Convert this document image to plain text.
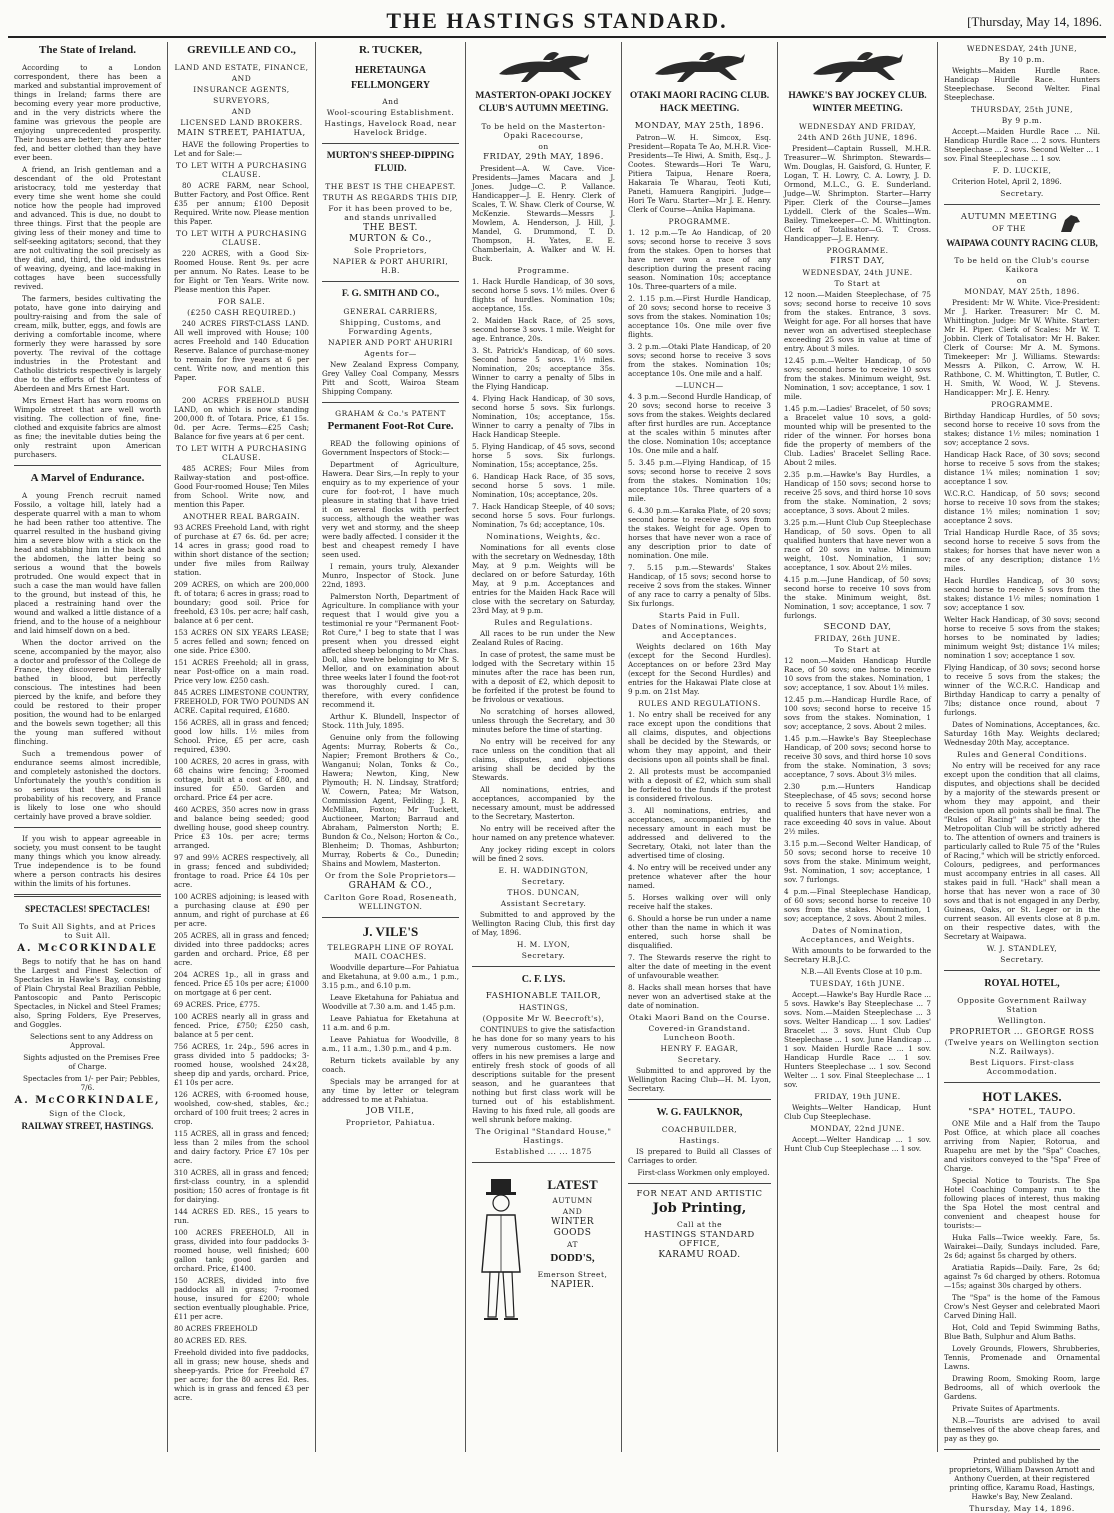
THE HASTINGS STANDARD.	[Thursday, May 14, 1896.
The State of Ireland.

According to a London correspondent, there has been a marked and substantial improvement of things in Ireland; farms there are becoming every year more productive, and in the very districts where the famine was grievous the people are enjoying unprecedented prosperity. Their houses are better; they are better fed, and better clothed than they have ever been.

A friend, an Irish gentleman and a descendant of the old Protestant aristocracy, told me yesterday that every time she went home she could notice how the people had improved and advanced. This is due, no doubt to three things. First that the people are giving less of their money and time to self-seeking agitators; second, that they are not cultivating the soil precisely as they did, and, third, the old industries of weaving, dyeing, and lace-making in cottages have been successfully revived.

The farmers, besides cultivating the potato, have gone into dairying and poultry-raising and from the sale of cream, milk, butter, eggs, and fowls are deriving a comfortable income, where formerly they were harassed by sore poverty. The revival of the cottage industries in the Protestant and Catholic districts respectively is largely due to the efforts of the Countess of Aberdeen and Mrs Ernest Hart.

Mrs Ernest Hart has worn rooms on Wimpole street that are well worth visiting. The collection of fine, fine-clothed and exquisite fabrics are almost as fine; the inevitable duties being the only restraint upon American purchasers.

A Marvel of Endurance.

A young French recruit named Fossilo, a voltage hill, lately had a desperate quarrel with a man to whom he had been rather too attentive. The quarrel resulted in the husband giving him a severe blow with a stick on the head and stabbing him in the back and the abdomen, the latter being so serious a wound that the bowels protruded. One would expect that in such a case the man would have fallen to the ground, but instead of this, he placed a restraining hand over the wound and walked a little distance of a friend, and to the house of a neighbour and laid himself down on a bed.

When the doctor arrived on the scene, accompanied by the mayor, also a doctor and professor of the College de France, they discovered him literally bathed in blood, but perfectly conscious. The intestines had been pierced by the knife, and before they could be restored to their proper position, the wound had to be enlarged and the bowels sewn together; all this the young man suffered without flinching.

Such a tremendous power of endurance seems almost incredible, and completely astonished the doctors. Unfortunately the youth's condition is so serious that there is small probability of his recovery, and France is likely to lose one who should certainly have proved a brave soldier.

If you wish to appear agreeable in society, you must consent to be taught many things which you know already. True independence is to be found where a person contracts his desires within the limits of his fortunes.

SPECTACLES! SPECTACLES!
To Suit All Sights, and at Prices to Suit All.
A. McCORKINDALE

Begs to notify that he has on hand the Largest and Finest Selection of Spectacles in Hawke's Bay, consisting of Plain Chrystal Real Brazilian Pebble, Pantoscopic and Panto Periscopic Spectacles, in Nickel and Steel Frames; also, Spring Folders, Eye Preserves, and Goggles.

Selections sent to any Address on Approval.

Sights adjusted on the Premises Free of Charge.

Spectacles from 1/- per Pair; Pebbles, 7/6.

A. McCORKINDALE,
Sign of the Clock,
RAILWAY STREET, HASTINGS.
GREVILLE AND CO.,
LAND AND ESTATE, FINANCE,
AND
INSURANCE AGENTS,
SURVEYORS,
AND
LICENSED LAND BROKERS.
MAIN STREET, PAHIATUA,

HAVE the following Properties to Let and for Sale:—

TO LET WITH A PURCHASING CLAUSE.

80 ACRE FARM, near School, Butter Factory, and Post Office. Rent £35 per annum; £100 Deposit Required. Write now. Please mention this Paper.

TO LET WITH A PURCHASING CLAUSE.

220 ACRES, with a Good Six-Roomed House. Rent 9s. per acre per annum. No Rates. Lease to be for Eight or Ten Years. Write now. Please mention this Paper.

FOR SALE.
(£250 CASH REQUIRED.)

240 ACRES FIRST-CLASS LAND. All well improved with House; 100 acres Freehold and 140 Education Reserve. Balance of purchase-money to remain for five years at 6 per cent. Write now, and mention this Paper.

FOR SALE.

200 ACRES FREEHOLD BUSH LAND, on which is now standing 200,000 ft. of Totara. Price, £1 15s. 0d. per Acre. Terms—£25 Cash; Balance for five years at 6 per cent.

TO LET WITH A PURCHASING CLAUSE.

485 ACRES; Four Miles from Railway-station and post-office. Good Four-roomed House; Ten Miles from School. Write now, and mention this Paper.

ANOTHER REAL BARGAIN.

93 ACRES Freehold Land, with right of purchase at £7 6s. 6d. per acre; 14 acres in grass; good road to within short distance of the section; under five miles from Railway station.

209 ACRES, on which are 200,000 ft. of totara; 6 acres in grass; road to boundary; good soil. Price for freehold, £3 10s. per acre; half cash, balance at 6 per cent.

153 ACRES ON SIX YEARS LEASE; 5 acres felled and sown; fenced on one side. Price £300.

151 ACRES Freehold; all in grass, near Post-office on a main road. Price very low. £250 cash.

845 ACRES LIMESTONE COUNTRY, FREEHOLD, FOR TWO POUNDS AN ACRE. Capital required, £1680.

156 ACRES, all in grass and fenced; good low hills. 1½ miles from School. Price, £5 per acre, cash required, £390.

100 ACRES, 20 acres in grass, with 68 chains wire fencing; 3-roomed cottage, built at a cost of £80, and insured for £50. Garden and orchard. Price £4 per acre.

460 ACRES, 350 acres now in grass and balance being seeded; good dwelling house, good sheep country. Price £3 10s. per acre; terms arranged.

97 and 99½ ACRES respectively, all in grass; fenced and subdivided; frontage to road. Price £4 10s per acre.

100 ACRES adjoining; is leased with a purchasing clause at £90 per annum, and right of purchase at £6 per acre.

205 ACRES, all in grass and fenced; divided into three paddocks; acres garden and orchard. Price, £8 per acre.

204 ACRES 1p., all in grass and fenced. Price £5 10s per acre; £1000 on mortgage at 6 per cent.

69 ACRES. Price, £775.

100 ACRES nearly all in grass and fenced. Price, £750; £250 cash, balance at 5 per cent.

756 ACRES, 1r. 24p., 596 acres in grass divided into 5 paddocks; 3-roomed house, woolshed 24×28, sheep dip and yards, orchard. Price, £1 10s per acre.

126 ACRES, with 6-roomed house, woolshed, cow-shed, stables, &c.; orchard of 100 fruit trees; 2 acres in crop.

115 ACRES, all in grass and fenced; less than 2 miles from the school and dairy factory. Price £7 10s per acre.

310 ACRES, all in grass and fenced; first-class country, in a splendid position; 150 acres of frontage is fit for dairying.

144 ACRES ED. RES., 15 years to run.

100 ACRES FREEHOLD, All in grass, divided into four paddocks 3-roomed house, well finished; 600 gallon tank; good garden and orchard. Price, £1400.

150 ACRES, divided into five paddocks all in grass; 7-roomed house, insured for £200; whole section eventually ploughable. Price, £11 per acre.

80 ACRES FREEHOLD

80 ACRES ED. RES.

Freehold divided into five paddocks, all in grass; new house, sheds and sheep-yards. Price for Freehold £7 per acre; for the 80 acres Ed. Res. which is in grass and fenced £3 per acre.

R. TUCKER,
HERETAUNGA FELLMONGERY
And
Wool-scouring Establishment.
Hastings, Havelock Road, near Havelock Bridge.
MURTON'S SHEEP-DIPPING FLUID.
THE BEST IS THE CHEAPEST.
TRUTH AS REGARDS THIS DIP,
For it has been proved to be, and stands unrivalled
THE BEST.
MURTON & Co.,
Sole Proprietors,
NAPIER & PORT AHURIRI, H.B.
F. G. SMITH AND CO.,
GENERAL CARRIERS,
Shipping, Customs, and Forwarding Agents,
NAPIER AND PORT AHURIRI
Agents for—

New Zealand Express Company, Grey Valley Coal Company, Messrs Pitt and Scott, Wairoa Steam Shipping Company.

GRAHAM & Co.'s PATENT
Permanent Foot-Rot Cure.

READ the following opinions of Government Inspectors of Stock:—

Department of Agriculture, Hawera. Dear Sirs,—In reply to your enquiry as to my experience of your cure for foot-rot, I have much pleasure in stating that I have tried it on several flocks with perfect success, although the weather was very wet and stormy, and the sheep were badly affected. I consider it the best and cheapest remedy I have seen used.

I remain, yours truly, Alexander Munro, Inspector of Stock. June 22nd, 1893.

Palmerston North, Department of Agriculture. In compliance with your request that I would give you a testimonial re your "Permanent Foot-Rot Cure," I beg to state that I was present when you dressed eight affected sheep belonging to Mr Chas. Doll, also twelve belonging to Mr S. Mellor, and on examination about three weeks later I found the foot-rot was thoroughly cured. I can, therefore, with every confidence recommend it.

Arthur K. Blundell, Inspector of Stock. 11th July, 1895.

Genuine only from the following Agents: Murray, Roberts & Co., Napier; Fremont Brothers & Co., Wanganui; Nolan, Tonks & Co., Hawera; Newton, King, New Plymouth; H. N. Lindsay, Stratford; W. Cowern, Patea; Mr Watson, Commission Agent, Feilding; J. R. McMillan, Foxton; Mr Tuckett, Auctioneer, Marton; Barraud and Abraham, Palmerston North; E. Bundon & Co., Nelson; Horton & Co., Blenheim; D. Thomas, Ashburton; Murray, Roberts & Co., Dunedin; Shains and Mowlem, Masterton.

Or from the Sole Proprietors—
GRAHAM & CO.,
Carlton Gore Road, Roseneath, WELLINGTON.
J. VILE'S
TELEGRAPH LINE OF ROYAL MAIL COACHES.

Woodville departure—For Pahiatua and Eketahuna, at 9.00 a.m., 1 p.m., 3.15 p.m., and 6.10 p.m.

Leave Eketahuna for Pahiatua and Woodville at 7.30 a.m. and 1.45 p.m.

Leave Pahiatua for Eketahuna at 11 a.m. and 6 p.m.

Leave Pahiatua for Woodville, 8 a.m., 11 a.m., 1.30 p.m., and 4 p.m.

Return tickets available by any coach.

Specials may be arranged for at any time by letter or telegram addressed to me at Pahiatua.

JOB VILE,
Proprietor, Pahiatua.
MASTERTON-OPAKI JOCKEY CLUB'S AUTUMN MEETING.
To be held on the Masterton-Opaki Racecourse,
on
FRIDAY, 29th MAY, 1896.

President—A. W. Cave. Vice-Presidents—James Macara and J. Jones. Judge—C. P. Vallance. Handicapper—J. E. Henry. Clerk of Scales, T. W. Shaw. Clerk of Course, W. McKenzie. Stewards—Messrs J. Mowlem, A. Henderson, J. Hill, J. Mandel, G. Drummond, T. D. Thompson, H. Yates, E. E. Chamberlain, A. Walker and W. H. Buck.

Programme.

1. Hack Hurdle Handicap, of 30 sovs, second horse 5 sovs. 1½ miles. Over 6 flights of hurdles. Nomination 10s; acceptance, 15s.

2. Maiden Hack Race, of 25 sovs, second horse 3 sovs. 1 mile. Weight for age. Entrance, 20s.

3. St. Patrick's Handicap, of 60 sovs. Second horse 5 sovs. 1½ miles. Nomination, 20s; acceptance 35s. Winner to carry a penalty of 5lbs in the Flying Handicap.

4. Flying Hack Handicap, of 30 sovs, second horse 5 sovs. Six furlongs. Nomination, 10s; acceptance, 15s. Winner to carry a penalty of 7lbs in Hack Handicap Steeple.

5. Flying Handicap, of 45 sovs, second horse 5 sovs. Six furlongs. Nomination, 15s; acceptance, 25s.

6. Handicap Hack Race, of 35 sovs, second horse 5 sovs. 1 mile. Nomination, 10s; acceptance, 20s.

7. Hack Handicap Steeple, of 40 sovs; second horse 5 sovs. Four furlongs. Nomination, 7s 6d; acceptance, 10s.

Nominations, Weights, &c.

Nominations for all events close with the secretary on Wednesday, 18th May, at 9 p.m. Weights will be declared on or before Saturday, 16th May, at 9 p.m. Acceptances and entries for the Maiden Hack Race will close with the secretary on Saturday, 23rd May, at 9 p.m.

Rules and Regulations.

All races to be run under the New Zealand Rules of Racing.

In case of protest, the same must be lodged with the Secretary within 15 minutes after the race has been run, with a deposit of £2, which deposit to be forfeited if the protest be found to be frivolous or vexatious.

No scratching of horses allowed, unless through the Secretary, and 30 minutes before the time of starting.

No entry will be received for any race unless on the condition that all claims, disputes, and objections arising shall be decided by the Stewards.

All nominations, entries, and acceptances, accompanied by the necessary amount, must be addressed to the Secretary, Masterton.

No entry will be received after the hour named on any pretence whatever.

Any jockey riding except in colors will be fined 2 sovs.

E. H. WADDINGTON,
Secretary.
THOS. DUNCAN,
Assistant Secretary.

Submitted to and approved by the Wellington Racing Club, this first day of May, 1896.

H. M. LYON,
Secretary.
C. F. LYS.
FASHIONABLE TAILOR,
HASTINGS,
(Opposite Mr W. Beecroft's),

CONTINUES to give the satisfaction he has done for so many years to his very numerous customers. He now offers in his new premises a large and entirely fresh stock of goods of all descriptions suitable for the present season, and he guarantees that nothing but first class work will be turned out of his establishment. Having to his fixed rule, all goods are well shrunk before making.

The Original "Standard House," Hastings.
Established ... ... 1875
LATEST
AUTUMN
AND
WINTER
GOODS
AT
DODD'S,
Emerson Street,
NAPIER.
OTAKI MAORI RACING CLUB. HACK MEETING.
MONDAY, MAY 25th, 1896.

Patron—W. H. Simcox, Esq. President—Ropata Te Ao, M.H.R. Vice-Presidents—Te Hiwi, A. Smith, Esq., J. Cootes. Stewards—Hori Te Waru, Pitiera Taipua, Henare Roera, Hakaraia Te Wharau, Teoti Kuti, Paneti, Hamuera Rangipiri. Judge—Hori Te Waru. Starter—Mr J. E. Henry. Clerk of Course—Anika Hapimana.

PROGRAMME.

1. 12 p.m.—Te Ao Handicap, of 20 sovs; second horse to receive 3 sovs from the stakes. Open to horses that have never won a race of any description during the present racing season. Nomination 10s; acceptance 10s. Three-quarters of a mile.

2. 1.15 p.m.—First Hurdle Handicap, of 20 sovs; second horse to receive 3 sovs from the stakes. Nomination 10s; acceptance 10s. One mile over five flights.

3. 2 p.m.—Otaki Plate Handicap, of 20 sovs; second horse to receive 3 sovs from the stakes. Nomination 10s; acceptance 10s. One mile and a half.

—LUNCH—

4. 3 p.m.—Second Hurdle Handicap, of 20 sovs; second horse to receive 3 sovs from the stakes. Weights declared after first hurdles are run. Acceptance at the scales within 5 minutes after the close. Nomination 10s; acceptance 10s. One mile and a half.

5. 3.45 p.m.—Flying Handicap, of 15 sovs; second horse to receive 2 sovs from the stakes. Nomination 10s; acceptance 10s. Three quarters of a mile.

6. 4.30 p.m.—Karaka Plate, of 20 sovs; second horse to receive 3 sovs from the stakes. Weight for age. Open to horses that have never won a race of any description prior to date of nomination. One mile.

7. 5.15 p.m.—Stewards' Stakes Handicap, of 15 sovs; second horse to receive 2 sovs from the stakes. Winner of any race to carry a penalty of 5lbs. Six furlongs.

Starts Paid in Full.
Dates of Nominations, Weights, and Acceptances.

Weights declared on 16th May (except for the Second Hurdles). Acceptances on or before 23rd May (except for the Second Hurdles) and entries for the Hakawai Plate close at 9 p.m. on 21st May.

RULES AND REGULATIONS.

1. No entry shall be received for any race except upon the conditions that all claims, disputes, and objections shall be decided by the Stewards, or whom they may appoint, and their decisions upon all points shall be final.

2. All protests must be accompanied with a deposit of £2, which sum shall be forfeited to the funds if the protest is considered frivolous.

3. All nominations, entries, and acceptances, accompanied by the necessary amount in each must be addressed and delivered to the Secretary, Otaki, not later than the advertised time of closing.

4. No entry will be received under any pretence whatever after the hour named.

5. Horses walking over will only receive half the stakes.

6. Should a horse be run under a name other than the name in which it was entered, such horse shall be disqualified.

7. The Stewards reserve the right to alter the date of meeting in the event of unfavourable weather.

8. Hacks shall mean horses that have never won an advertised stake at the date of nomination.

Otaki Maori Band on the Course.
Covered-in Grandstand. Luncheon Booth.
HENRY F. EAGAR,
Secretary.

Submitted to and approved by the Wellington Racing Club—H. M. Lyon, Secretary.

W. G. FAULKNOR,
COACHBUILDER,
Hastings.

IS prepared to Build all Classes of Carriages to order.

First-class Workmen only employed.

FOR NEAT AND ARTISTIC
Job Printing,
Call at the
HASTINGS STANDARD OFFICE,
KARAMU ROAD.
HAWKE'S BAY JOCKEY CLUB. WINTER MEETING.
WEDNESDAY AND FRIDAY,
24th AND 26th JUNE, 1896.

President—Captain Russell, M.H.R. Treasurer—W. Shrimpton. Stewards—Wm. Douglas, H. Gaisford, G. Hunter, F. Logan, T. H. Lowry, C. A. Lowry, J. D. Ormond, M.L.C., G. E. Sunderland. Judge—W. Shrimpton. Starter—Harry Piper. Clerk of the Course—James Lyddell. Clerk of the Scales—Wm. Bailey. Timekeeper—C. M. Whittington. Clerk of Totalisator—G. T. Cross. Handicapper—J. E. Henry.

PROGRAMME.
FIRST DAY,
WEDNESDAY, 24th JUNE.
To Start at

12 noon.—Maiden Steeplechase, of 75 sovs; second horse to receive 10 sovs from the stakes. Entrance, 3 sovs. Weight for age. For all horses that have never won an advertised steeplechase exceeding 25 sovs in value at time of entry. About 3 miles.

12.45 p.m.—Welter Handicap, of 50 sovs; second horse to receive 10 sovs from the stakes. Minimum weight, 9st. Nomination, 1 sov; acceptance, 1 sov. 1 mile.

1.45 p.m.—Ladies' Bracelet, of 50 sovs; a Bracelet value 10 sovs, a gold-mounted whip will be presented to the rider of the winner. For horses bona fide the property of members of the Club. Ladies' Bracelet Selling Race. About 2 miles.

2.35 p.m.—Hawke's Bay Hurdles, a Handicap of 150 sovs; second horse to receive 25 sovs, and third horse 10 sovs from the stake. Nomination, 2 sovs; acceptance, 3 sovs. About 2 miles.

3.25 p.m.—Hunt Club Cup Steeplechase Handicap, of 50 sovs. Open to all qualified hunters that have never won a race of 20 sovs in value. Minimum weight, 10st. Nomination, 1 sov; acceptance, 1 sov. About 2½ miles.

4.15 p.m.—June Handicap, of 50 sovs; second horse to receive 10 sovs from the stake. Minimum weight, 8st. Nomination, 1 sov; acceptance, 1 sov. 7 furlongs.

SECOND DAY,
FRIDAY, 26th JUNE.
To Start at

12 noon.—Maiden Handicap Hurdle Race, of 50 sovs; one horse to receive 10 sovs from the stakes. Nomination, 1 sov; acceptance, 1 sov. About 1½ miles.

12.45 p.m.—Handicap Hurdle Race, of 100 sovs; second horse to receive 15 sovs from the stakes. Nomination, 1 sov; acceptance, 2 sovs. About 2 miles.

1.45 p.m.—Hawke's Bay Steeplechase Handicap, of 200 sovs; second horse to receive 30 sovs, and third horse 10 sovs from the stake. Nomination, 3 sovs; acceptance, 7 sovs. About 3½ miles.

2.30 p.m.—Hunters Handicap Steeplechase, of 45 sovs; second horse to receive 5 sovs from the stake. For qualified hunters that have never won a race exceeding 40 sovs in value. About 2½ miles.

3.15 p.m.—Second Welter Handicap, of 50 sovs; second horse to receive 10 sovs from the stake. Minimum weight, 9st. Nomination, 1 sov; acceptance, 1 sov. 7 furlongs.

4 p.m.—Final Steeplechase Handicap, of 60 sovs; second horse to receive 10 sovs from the stakes. Nomination, 1 sov; acceptance, 2 sovs. About 2 miles.

Dates of Nomination, Acceptances, and Weights.

With amounts to be forwarded to the Secretary H.B.J.C.

N.B.—All Events Close at 10 p.m.

TUESDAY, 16th JUNE.

Accept.—Hawke's Bay Hurdle Race ... 5 sovs. Hawke's Bay Steeplechase ... 7 sovs. Nom.—Maiden Steeplechase ... 3 sovs. Welter Handicap ... 1 sov. Ladies' Bracelet ... 3 sovs. Hunt Club Cup Steeplechase ... 1 sov. June Handicap ... 1 sov. Maiden Hurdle Race ... 1 sov. Handicap Hurdle Race ... 1 sov. Hunters Steeplechase ... 1 sov. Second Welter ... 1 sov. Final Steeplechase ... 1 sov.

FRIDAY, 19th JUNE.

Weights—Welter Handicap, Hunt Club Cup Steeplechase.

MONDAY, 22nd JUNE.

Accept.—Welter Handicap ... 1 sov. Hunt Club Cup Steeplechase ... 1 sov.

WEDNESDAY, 24th JUNE,
By 10 p.m.

Weights—Maiden Hurdle Race. Handicap Hurdle Race. Hunters Steeplechase. Second Welter. Final Steeplechase.

THURSDAY, 25th JUNE,
By 9 p.m.

Accept.—Maiden Hurdle Race ... Nil. Handicap Hurdle Race ... 2 sovs. Hunters Steeplechase ... 2 sovs. Second Welter ... 1 sov. Final Steeplechase ... 1 sov.

F. D. LUCKIE,

Criterion Hotel, April 2, 1896.

Secretary.
AUTUMN MEETING
OF THE
WAIPAWA COUNTY RACING CLUB,
To be held on the Club's course Kaikora
on
MONDAY, MAY 25th, 1896.

President: Mr W. White. Vice-President: Mr J. Harker. Treasurer: Mr C. M. Whittington. Judge: Mr W. White. Starter: Mr H. Piper. Clerk of Scales: Mr W. T. Jobbin. Clerk of Totalisator: Mr H. Baker. Clerk of Course: Mr A. M. Symons. Timekeeper: Mr J. Williams. Stewards: Messrs A. Pilkon, C. Arrow, W. H. Rathbone, C. M. Whittington, T. Butler, C. H. Smith, W. Wood, W. J. Stevens. Handicapper: Mr J. E. Henry.

PROGRAMME.

Birthday Handicap Hurdles, of 50 sovs; second horse to receive 10 sovs from the stakes; distance 1½ miles; nomination 1 sov; acceptance 2 sovs.

Handicap Hack Race, of 30 sovs; second horse to receive 5 sovs from the stakes; distance 1¼ miles; nomination 1 sov; acceptance 1 sov.

W.C.R.C. Handicap, of 50 sovs; second horse to receive 10 sovs from the stakes; distance 1½ miles; nomination 1 sov; acceptance 2 sovs.

Trial Handicap Hurdle Race, of 35 sovs; second horse to receive 5 sovs from the stakes; for horses that have never won a race of any description; distance 1½ miles.

Hack Hurdles Handicap, of 30 sovs; second horse to receive 5 sovs from the stakes; distance 1½ miles; nomination 1 sov; acceptance 1 sov.

Welter Hack Handicap, of 30 sovs; second horse to receive 5 sovs from the stakes; horses to be nominated by ladies; minimum weight 9st; distance 1¼ miles; nomination 1 sov; acceptance 1 sov.

Flying Handicap, of 30 sovs; second horse to receive 5 sovs from the stakes; the winner of the W.C.R.C. Handicap and Birthday Handicap to carry a penalty of 7lbs; distance once round, about 7 furlongs.

Dates of Nominations, Acceptances, &c. Saturday 16th May. Weights declared; Wednesday 20th May, acceptance.

Rules and General Conditions.

No entry will be received for any race except upon the condition that all claims, disputes, and objections shall be decided by a majority of the stewards present or whom they may appoint, and their decision upon all points shall be final. The "Rules of Racing" as adopted by the Metropolitan Club will be strictly adhered to. The attention of owners and trainers is particularly called to Rule 75 of the "Rules of Racing," which will be strictly enforced. Colours, pedigrees, and performances must accompany entries in all cases. All stakes paid in full. "Hack" shall mean a horse that has never won a race of 30 sovs and that is not engaged in any Derby, Guineas, Oaks, or St. Leger or in the current season. All events close at 8 p.m. on their respective dates, with the Secretary at Waipawa.

W. J. STANDLEY,
Secretary.
ROYAL HOTEL,
Opposite Government Railway Station
Wellington.
PROPRIETOR ... GEORGE ROSS
(Twelve years on Wellington section N.Z. Railways).
Best Liquors. First-class Accommodation.
HOT LAKES.
"SPA" HOTEL, TAUPO.

ONE Mile and a Half from the Taupo Post Office, at which place all coaches arriving from Napier, Rotorua, and Ruapehu are met by the "Spa" Coaches, and visitors conveyed to the "Spa" Free of Charge.

Special Notice to Tourists. The Spa Hotel Coaching Company run to the following places of interest, thus making the Spa Hotel the most central and convenient and cheapest house for tourists:—

Huka Falls—Twice weekly. Fare, 5s. Wairakei—Daily, Sundays included. Fare, 2s 6d; against 5s charged by others.

Aratiatia Rapids—Daily. Fare, 2s 6d; against 7s 6d charged by others. Rotomua—15s; against 30s charged by others.

The "Spa" is the home of the Famous Crow's Nest Geyser and celebrated Maori Carved Dining Hall.

Hot, Cold and Tepid Swimming Baths, Blue Bath, Sulphur and Alum Baths.

Lovely Grounds, Flowers, Shrubberies, Tennis, Promenade and Ornamental Lawns.

Drawing Room, Smoking Room, large Bedrooms, all of which overlook the Gardens.

Private Suites of Apartments.

N.B.—Tourists are advised to avail themselves of the above cheap fares, and pay as they go.

Printed and published by the proprietors, William Dawson Arnott and Anthony Cuerden, at their registered printing office, Karamu Road, Hastings, Hawke's Bay, New Zealand.

Thursday, May 14, 1896.
